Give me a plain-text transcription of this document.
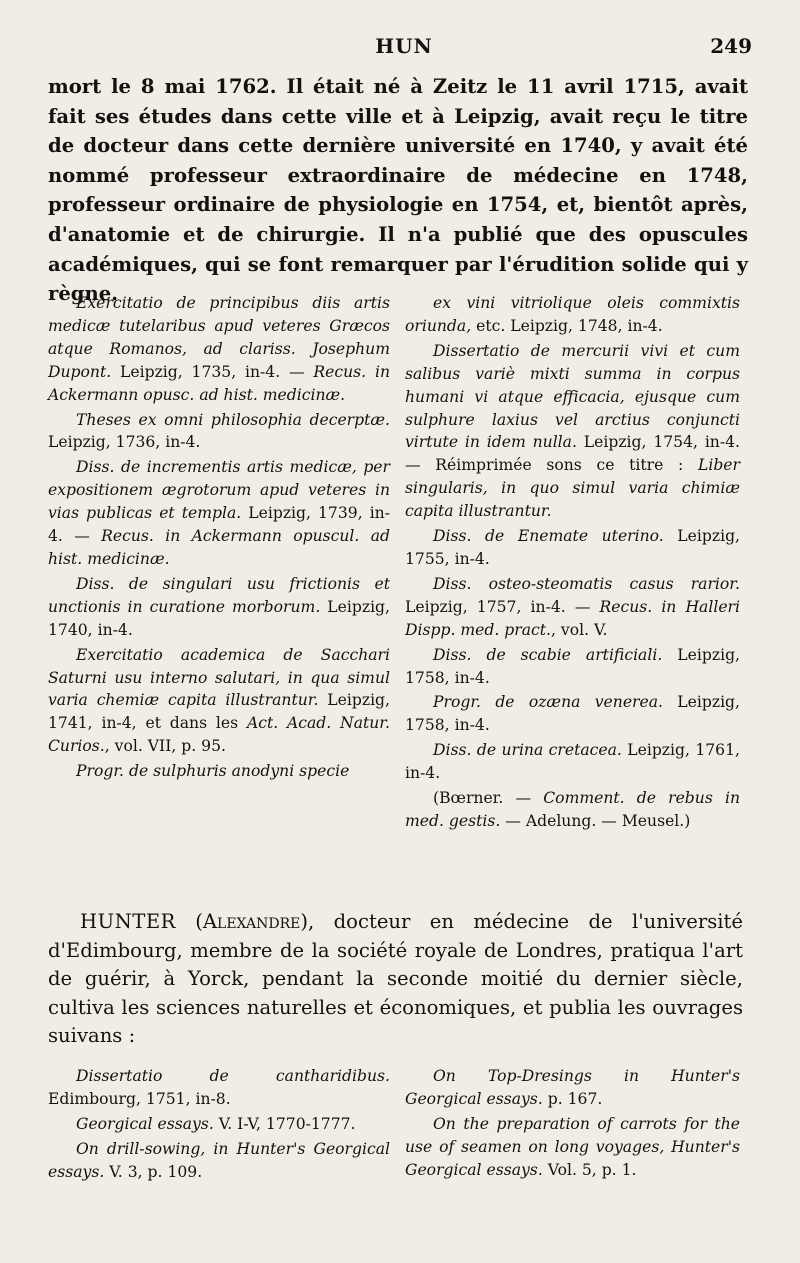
HUN	249
mort le 8 mai 1762. Il était né à Zeitz le 11 avril 1715, avait fait ses études dans cette ville et à Leipzig, avait reçu le titre de docteur dans cette dernière université en 1740, y avait été nommé professeur extraordinaire de médecine en 1748, professeur ordinaire de physiologie en 1754, et, bientôt après, d'anatomie et de chirurgie. Il n'a publié que des opuscules académiques, qui se font remarquer par l'érudition solide qui y règne.

Exercitatio de principibus diis artis medicæ tutelaribus apud veteres Græcos atque Romanos, ad clariss. Josephum Dupont. Leipzig, 1735, in-4. — Recus. in Ackermann opusc. ad hist. medicinæ.

Theses ex omni philosophia decerptæ. Leipzig, 1736, in-4.

Diss. de incrementis artis medicæ, per expositionem ægrotorum apud veteres in vias publicas et templa. Leipzig, 1739, in-4. — Recus. in Ackermann opuscul. ad hist. medicinæ.

Diss. de singulari usu frictionis et unctionis in curatione morborum. Leipzig, 1740, in-4.

Exercitatio academica de Sacchari Saturni usu interno salutari, in qua simul varia chemiæ capita illustrantur. Leipzig, 1741, in-4, et dans les Act. Acad. Natur. Curios., vol. VII, p. 95.

Progr. de sulphuris anodyni specie

ex vini vitriolique oleis commixtis oriunda, etc. Leipzig, 1748, in-4.

Dissertatio de mercurii vivi et cum salibus variè mixti summa in corpus humani vi atque efficacia, ejusque cum sulphure laxius vel arctius conjuncti virtute in idem nulla. Leipzig, 1754, in-4. — Réimprimée sons ce titre : Liber singularis, in quo simul varia chimiæ capita illustrantur.

Diss. de Enemate uterino. Leipzig, 1755, in-4.

Diss. osteo-steomatis casus rarior. Leipzig, 1757, in-4. — Recus. in Halleri Dispp. med. pract., vol. V.

Diss. de scabie artificiali. Leipzig, 1758, in-4.

Progr. de ozæna venerea. Leipzig, 1758, in-4.

Diss. de urina cretacea. Leipzig, 1761, in-4.

(Bœrner. — Comment. de rebus in med. gestis. — Adelung. — Meusel.)

HUNTER (Alexandre), docteur en médecine de l'université d'Edimbourg, membre de la société royale de Londres, pratiqua l'art de guérir, à Yorck, pendant la seconde moitié du dernier siècle, cultiva les sciences naturelles et économiques, et publia les ouvrages suivans :

Dissertatio de cantharidibus. Edimbourg, 1751, in-8.

Georgical essays. V. I-V, 1770-1777.

On drill-sowing, in Hunter's Georgical essays. V. 3, p. 109.

On Top-Dresings in Hunter's Georgical essays. p. 167.

On the preparation of carrots for the use of seamen on long voyages, Hunter's Georgical essays. Vol. 5, p. 1.
